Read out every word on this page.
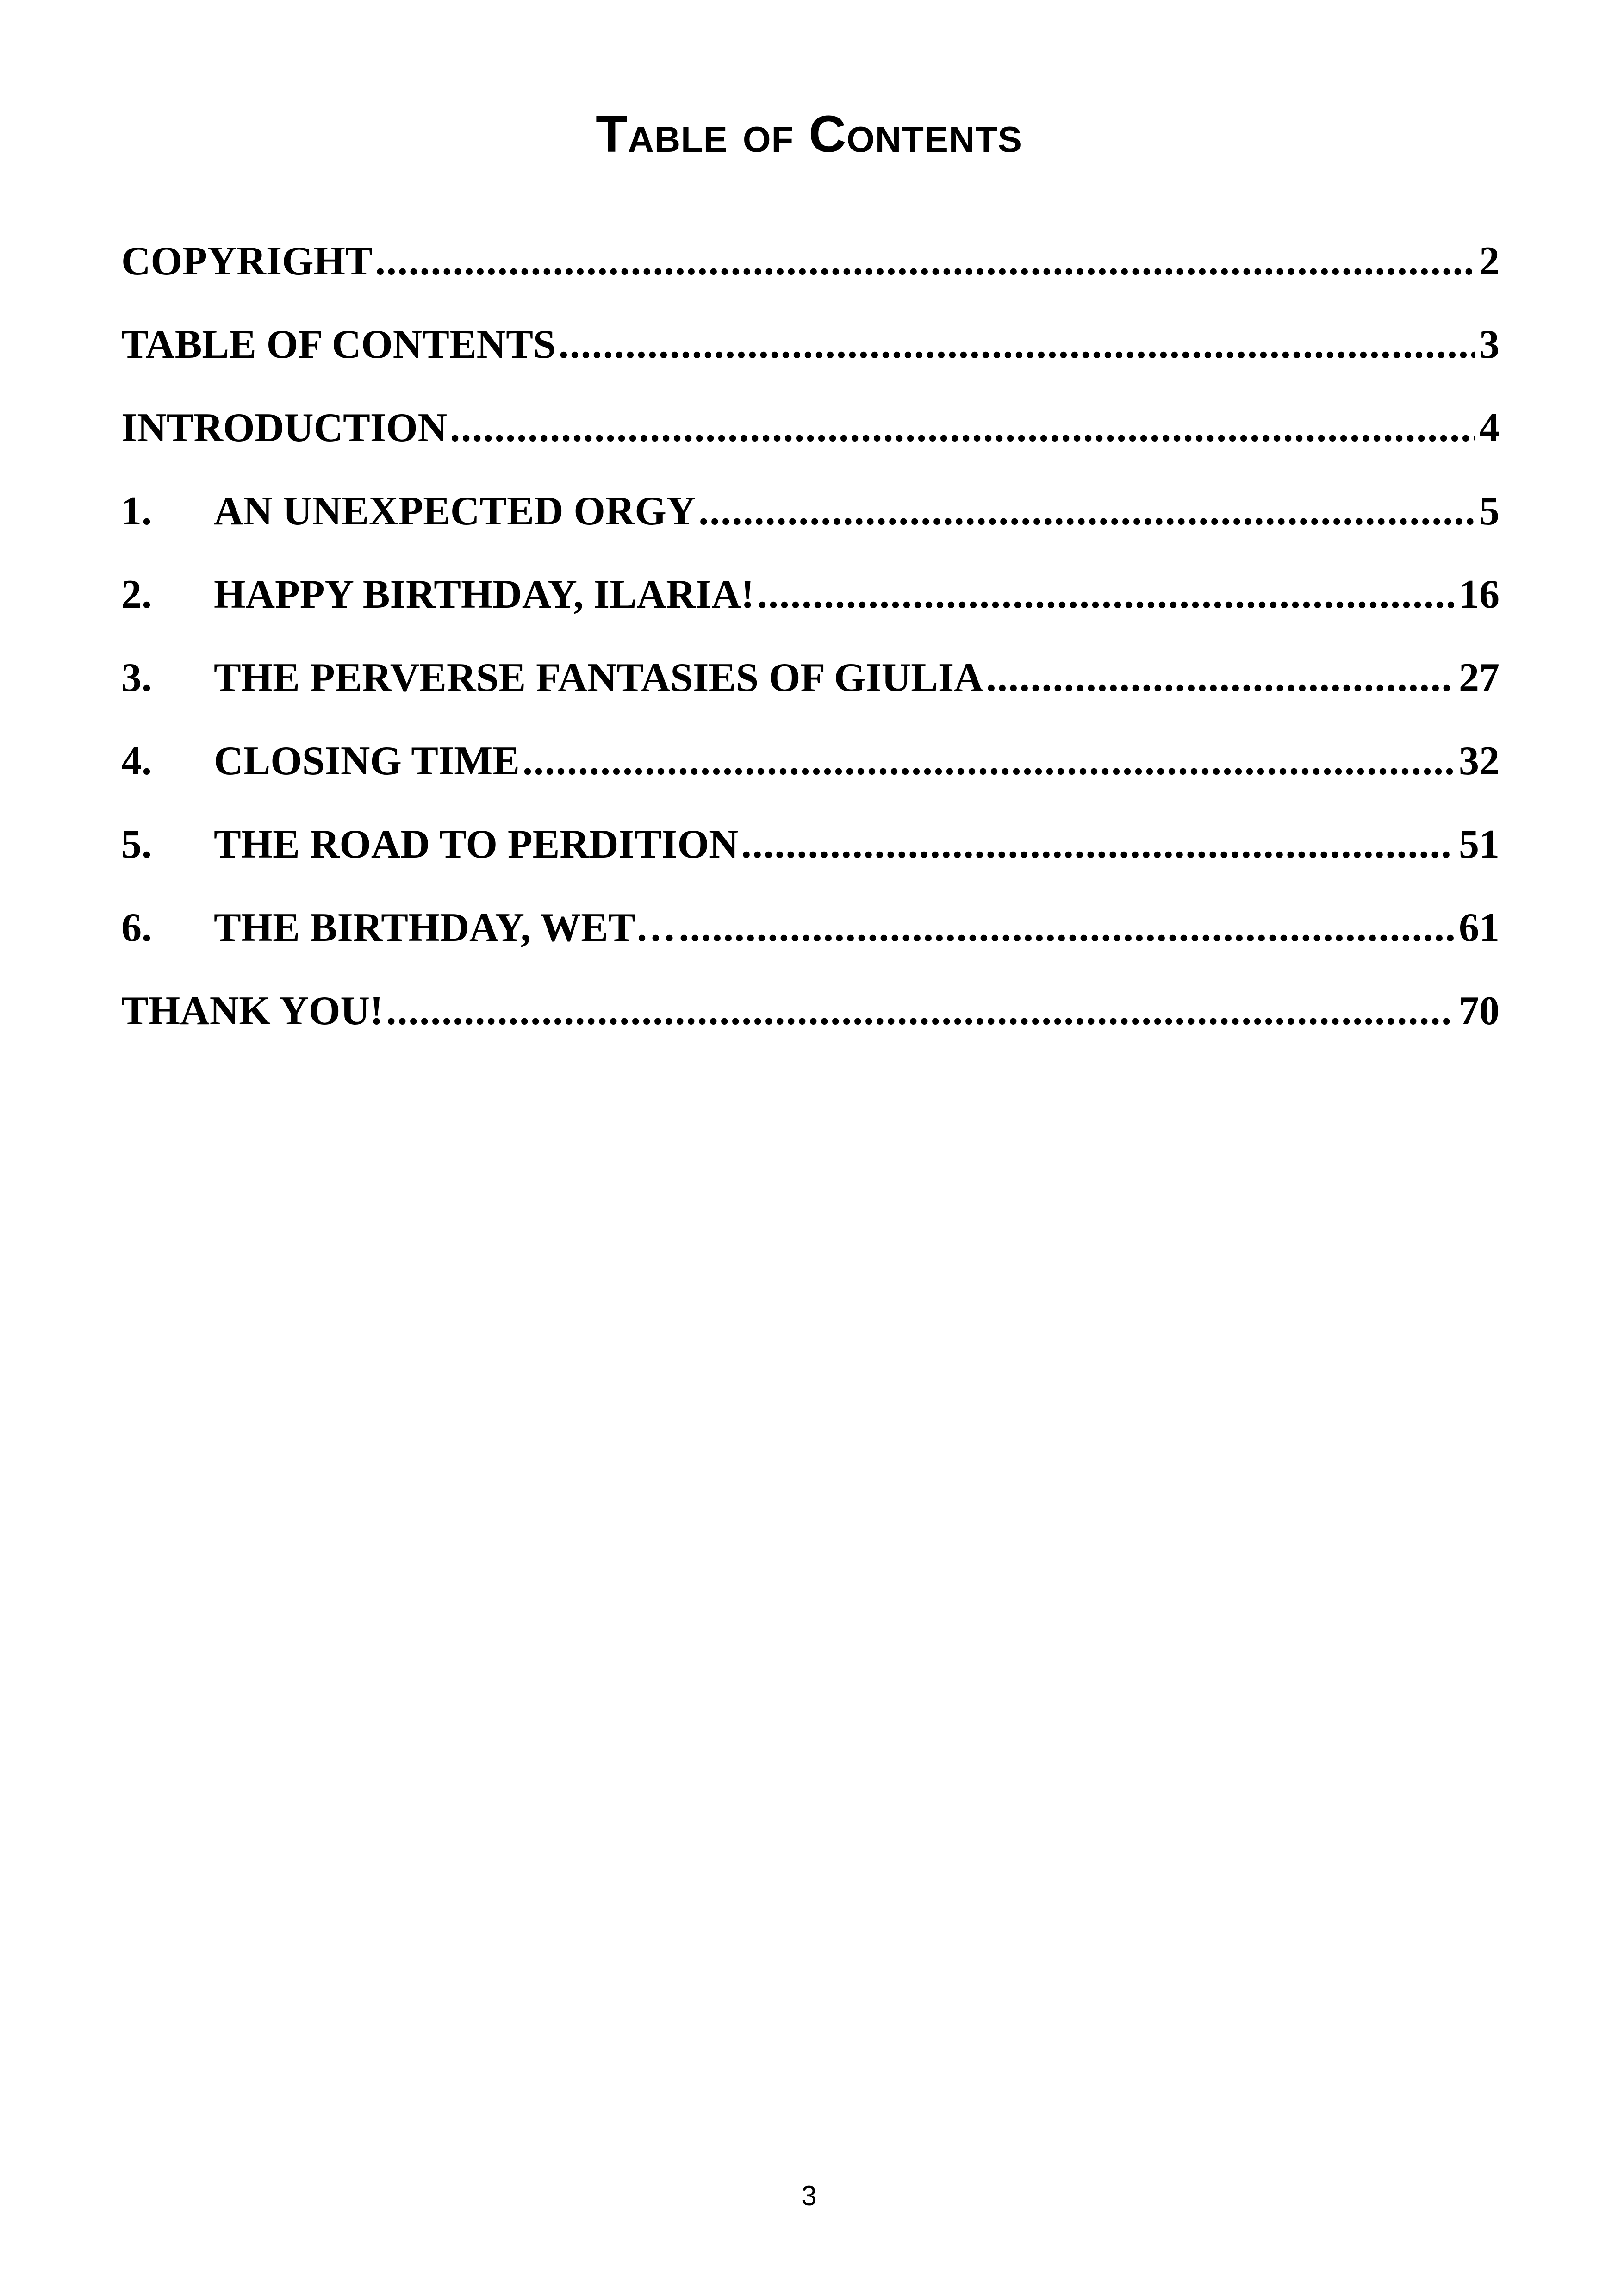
Table of Contents
COPYRIGHT .....	2
TABLE OF CONTENTS .....	3
INTRODUCTION .....	4
1.	AN UNEXPECTED ORGY .....	5
2.	HAPPY BIRTHDAY, ILARIA! .....	16
3.	THE PERVERSE FANTASIES OF GIULIA .....	27
4.	CLOSING TIME .....	32
5.	THE ROAD TO PERDITION .....	51
6.	THE BIRTHDAY, WET… .....	61
THANK YOU! .....	70
3
